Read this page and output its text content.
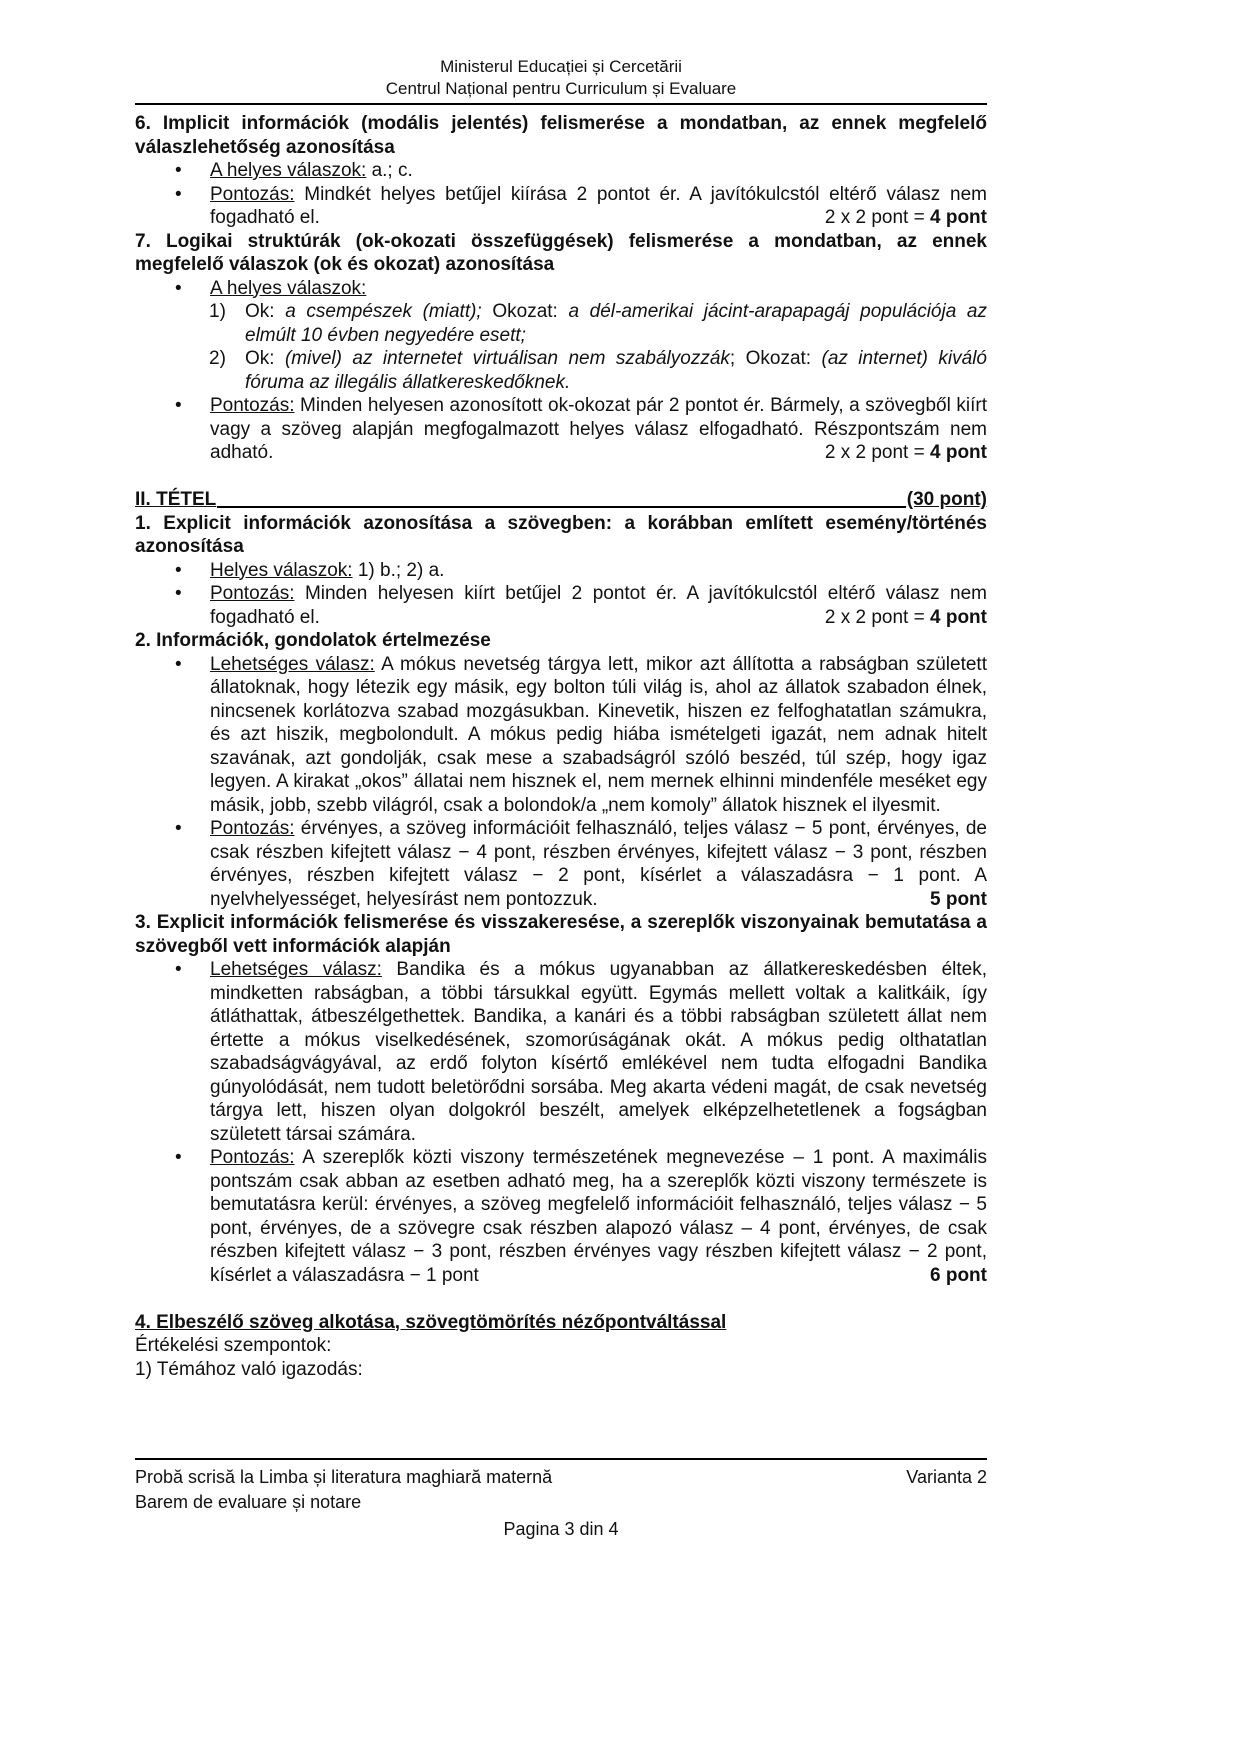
Ministerul Educației și Cercetării
Centrul Național pentru Curriculum și Evaluare
6. Implicit információk (modális jelentés) felismerése a mondatban, az ennek megfelelő válaszlehetőség azonosítása
• A helyes válaszok: a.; c.
• Pontozás: Mindkét helyes betűjel kiírása 2 pontot ér. A javítókulcstól eltérő válasz nem fogadható el.	2 x 2 pont = 4 pont
7. Logikai struktúrák (ok-okozati összefüggések) felismerése a mondatban, az ennek megfelelő válaszok (ok és okozat) azonosítása
• A helyes válaszok:
1) Ok: a csempészek (miatt); Okozat: a dél-amerikai jácint-arapapagáj populációja az elmúlt 10 évben negyedére esett;
2) Ok: (mivel) az internetet virtuálisan nem szabályozzák; Okozat: (az internet) kiváló fóruma az illegális állatkereskedőknek.
• Pontozás: Minden helyesen azonosított ok-okozat pár 2 pontot ér. Bármely, a szövegből kiírt vagy a szöveg alapján megfogalmazott helyes válasz elfogadható. Részpontszám nem adható.	2 x 2 pont = 4 pont
II. TÉTEL	(30 pont)
1. Explicit információk azonosítása a szövegben: a korábban említett esemény/történés azonosítása
• Helyes válaszok: 1) b.; 2) a.
• Pontozás: Minden helyesen kiírt betűjel 2 pontot ér. A javítókulcstól eltérő válasz nem fogadható el.	2 x 2 pont = 4 pont
2. Információk, gondolatok értelmezése
• Lehetséges válasz: A mókus nevetség tárgya lett, mikor azt állította a rabságban született állatoknak, hogy létezik egy másik, egy bolton túli világ is, ahol az állatok szabadon élnek, nincsenek korlátozva szabad mozgásukban. Kinevetik, hiszen ez felfoghatatlan számukra, és azt hiszik, megbolondult. A mókus pedig hiába ismételgeti igazát, nem adnak hitelt szavának, azt gondolják, csak mese a szabadságról szóló beszéd, túl szép, hogy igaz legyen. A kirakat „okos” állatai nem hisznek el, nem mernek elhinni mindenféle meséket egy másik, jobb, szebb világról, csak a bolondok/a „nem komoly” állatok hisznek el ilyesmit.
• Pontozás: érvényes, a szöveg információit felhasználó, teljes válasz − 5 pont, érvényes, de csak részben kifejtett válasz − 4 pont, részben érvényes, kifejtett válasz − 3 pont, részben érvényes, részben kifejtett válasz − 2 pont, kísérlet a válaszadásra − 1 pont. A nyelvhelyességet, helyesírást nem pontozzuk.	5 pont
3. Explicit információk felismerése és visszakeresése, a szereplők viszonyainak bemutatása a szövegből vett információk alapján
• Lehetséges válasz: Bandika és a mókus ugyanabban az állatkereskedésben éltek, mindketten rabságban, a többi társukkal együtt. Egymás mellett voltak a kalitkáik, így átláthattak, átbeszélgethettek. Bandika, a kanári és a többi rabságban született állat nem értette a mókus viselkedésének, szomorúságának okát. A mókus pedig olthatatlan szabadságvágyával, az erdő folyton kísértő emlékével nem tudta elfogadni Bandika gúnyolódását, nem tudott beletörődni sorsába. Meg akarta védeni magát, de csak nevetség tárgya lett, hiszen olyan dolgokról beszélt, amelyek elképzelhetetlenek a fogságban született társai számára.
• Pontozás: A szereplők közti viszony természetének megnevezése – 1 pont. A maximális pontszám csak abban az esetben adható meg, ha a szereplők közti viszony természete is bemutatásra kerül: érvényes, a szöveg megfelelő információit felhasználó, teljes válasz − 5 pont, érvényes, de a szövegre csak részben alapozó válasz – 4 pont, érvényes, de csak részben kifejtett válasz − 3 pont, részben érvényes vagy részben kifejtett válasz − 2 pont, kísérlet a válaszadásra − 1 pont	6 pont
4. Elbeszélő szöveg alkotása, szövegtömörítés nézőpontváltással
Értékelési szempontok:
1) Témához való igazodás:
Probă scrisă la Limba și literatura maghiară maternă	Varianta 2
Barem de evaluare și notare
Pagina 3 din 4
